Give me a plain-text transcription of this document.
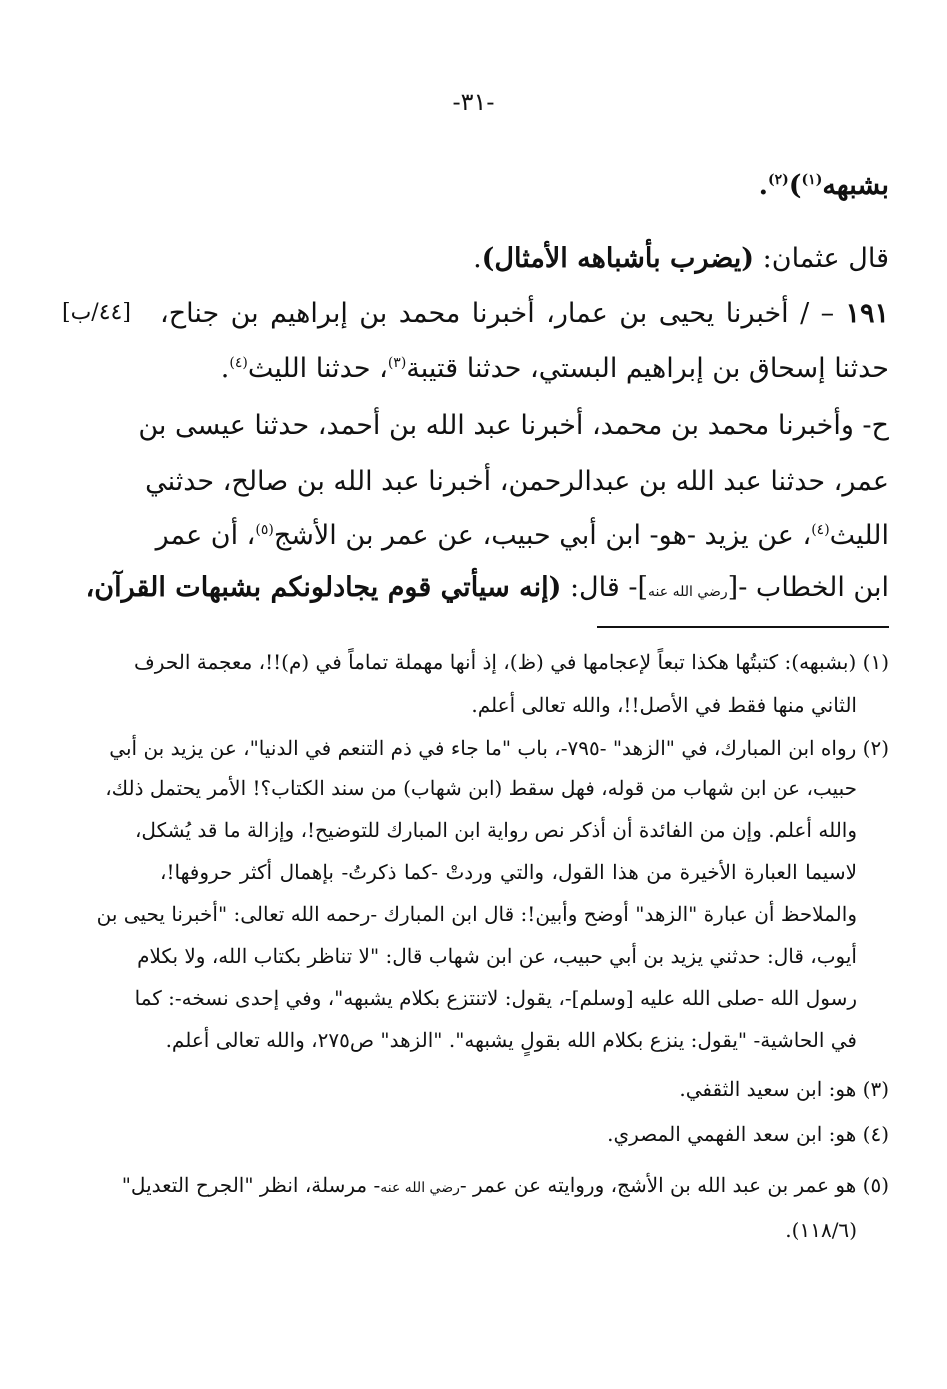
-٣١-
[٤٤/ب]
بشبهه$^{(١)}$)$^{(٢)}$.
قال عثمان: (يضرب بأشباهه الأمثال).
١٩١ – / أخبرنا يحيى بن عمار، أخبرنا محمد بن إبراهيم بن جناح،
حدثنا إسحاق بن إبراهيم البستي، حدثنا قتيبة$^{(٣)}$، حدثنا الليث$^{(٤)}$.
ح- وأخبرنا محمد بن محمد، أخبرنا عبد الله بن أحمد، حدثنا عيسى بن
عمر، حدثنا عبد الله بن عبدالرحمن، أخبرنا عبد الله بن صالح، حدثني
الليث$^{(٤)}$، عن يزيد -هو- ابن أبي حبيب، عن عمر بن الأشج$^{(٥)}$، أن عمر
ابن الخطاب -[رضي الله عنه]- قال: (إنه سيأتي قوم يجادلونكم بشبهات القرآن،
(١) (بشبهه): كتبتُها هكذا تبعاً لإعجامها في (ظ)، إذ أنها مهملة تماماً في (م)!!، معجمة الحرف
الثاني منها فقط في الأصل!!، والله تعالى أعلم.
(٢) رواه ابن المبارك، في "الزهد" -٧٩٥-، باب "ما جاء في ذم التنعم في الدنيا"، عن يزيد بن أبي
حبيب، عن ابن شهاب من قوله، فهل سقط (ابن شهاب) من سند الكتاب؟! الأمر يحتمل ذلك،
والله أعلم. وإن من الفائدة أن أذكر نص رواية ابن المبارك للتوضيح!، وإزالة ما قد يُشكل،
لاسيما العبارة الأخيرة من هذا القول، والتي وردتْ -كما ذكرتُ- بإهمال أكثر حروفها!،
والملاحظ أن عبارة "الزهد" أوضح وأبين!: قال ابن المبارك -رحمه الله تعالى: "أخبرنا يحيى بن
أيوب، قال: حدثني يزيد بن أبي حبيب، عن ابن شهاب قال: "لا تناظر بكتاب الله، ولا بكلام
رسول الله -صلى الله عليه [وسلم]-، يقول: لاتنتزع بكلام يشبهه"، وفي إحدى نسخه-: كما
في الحاشية- "يقول: ينزع بكلام الله بقولٍ يشبهه". "الزهد" ص٢٧٥، والله تعالى أعلم.
(٣) هو: ابن سعيد الثقفي.
(٤) هو: ابن سعد الفهمي المصري.
(٥) هو عمر بن عبد الله بن الأشج، وروايته عن عمر -رضي الله عنه- مرسلة، انظر "الجرح التعديل"
(١١٨/٦).
